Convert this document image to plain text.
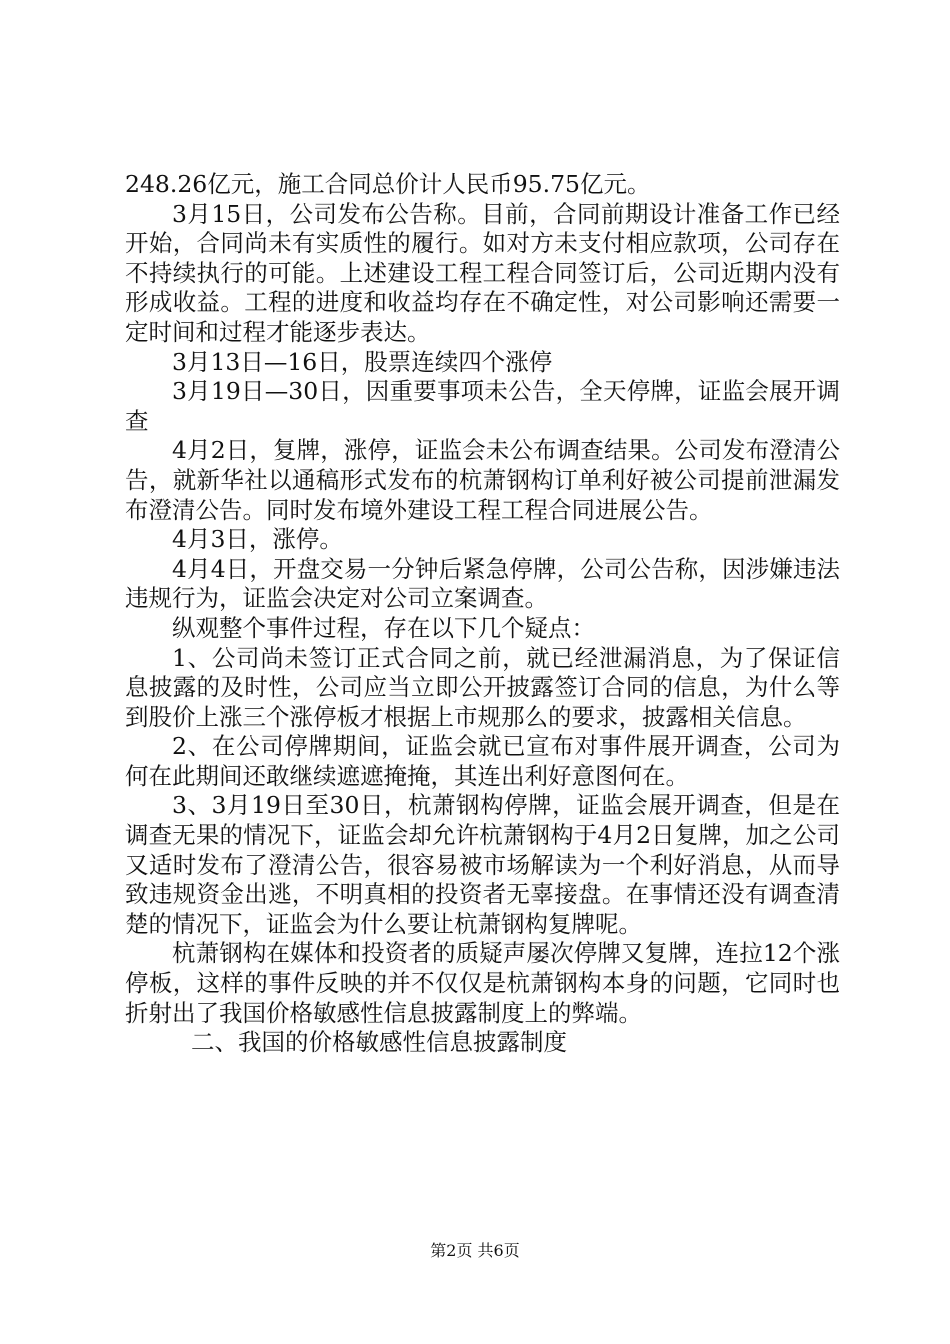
248.26亿元，施工合同总价计人民币95.75亿元。

3月15日，公司发布公告称。目前，合同前期设计准备工作已经开始，合同尚未有实质性的履行。如对方未支付相应款项，公司存在不持续执行的可能。上述建设工程工程合同签订后，公司近期内没有形成收益。工程的进度和收益均存在不确定性，对公司影响还需要一定时间和过程才能逐步表达。

3月13日—16日，股票连续四个涨停

3月19日—30日，因重要事项未公告，全天停牌，证监会展开调查

4月2日，复牌，涨停，证监会未公布调查结果。公司发布澄清公告，就新华社以通稿形式发布的杭萧钢构订单利好被公司提前泄漏发布澄清公告。同时发布境外建设工程工程合同进展公告。

4月3日，涨停。

4月4日，开盘交易一分钟后紧急停牌，公司公告称，因涉嫌违法违规行为，证监会决定对公司立案调查。

纵观整个事件过程，存在以下几个疑点：

1、公司尚未签订正式合同之前，就已经泄漏消息，为了保证信息披露的及时性，公司应当立即公开披露签订合同的信息，为什么等到股价上涨三个涨停板才根据上市规那么的要求，披露相关信息。

2、在公司停牌期间，证监会就已宣布对事件展开调查，公司为何在此期间还敢继续遮遮掩掩，其连出利好意图何在。

3、3月19日至30日，杭萧钢构停牌，证监会展开调查，但是在调查无果的情况下，证监会却允许杭萧钢构于4月2日复牌，加之公司又适时发布了澄清公告，很容易被市场解读为一个利好消息，从而导致违规资金出逃，不明真相的投资者无辜接盘。在事情还没有调查清楚的情况下，证监会为什么要让杭萧钢构复牌呢。

杭萧钢构在媒体和投资者的质疑声屡次停牌又复牌，连拉12个涨停板，这样的事件反映的并不仅仅是杭萧钢构本身的问题，它同时也折射出了我国价格敏感性信息披露制度上的弊端。

二、我国的价格敏感性信息披露制度

第2页 共6页
